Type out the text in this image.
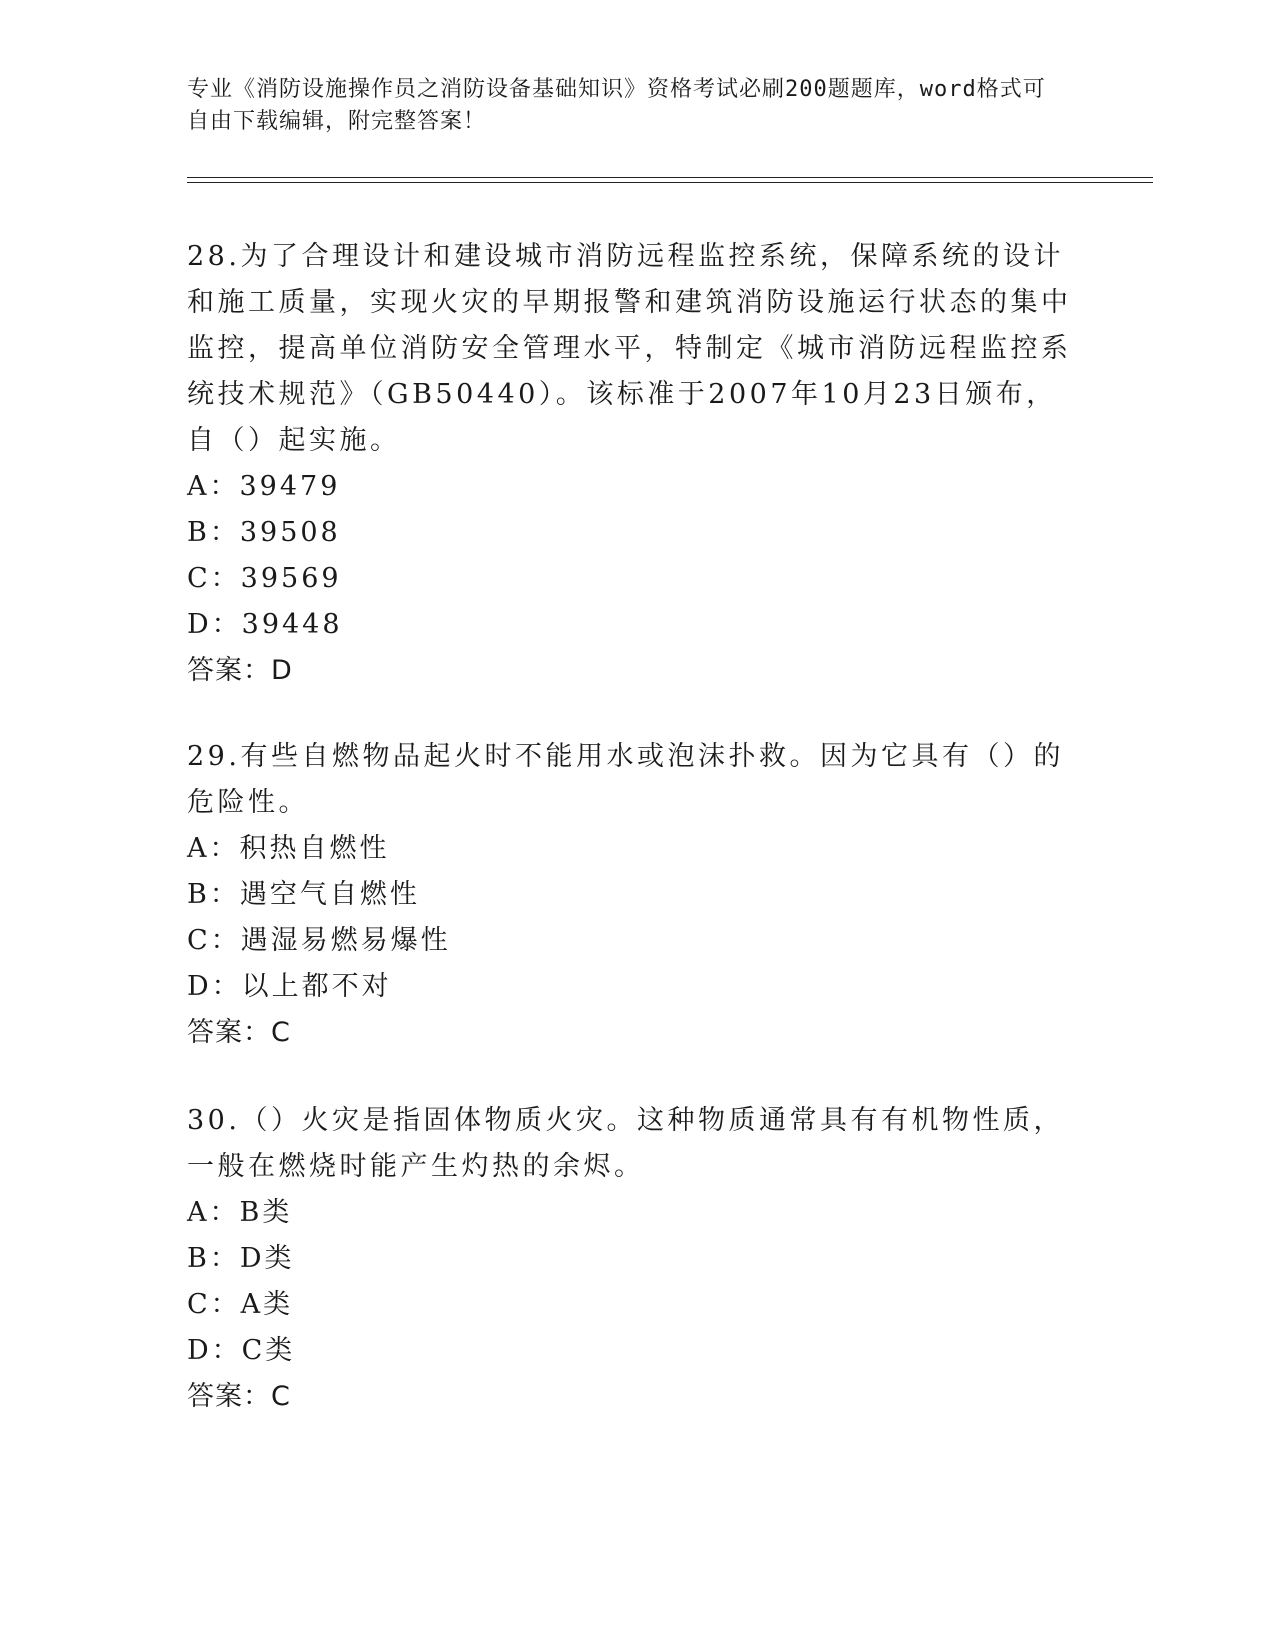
专业《消防设施操作员之消防设备基础知识》资格考试必刷200题题库，word格式可自由下载编辑，附完整答案！
28.为了合理设计和建设城市消防远程监控系统，保障系统的设计和施工质量，实现火灾的早期报警和建筑消防设施运行状态的集中监控，提高单位消防安全管理水平，特制定《城市消防远程监控系统技术规范》（GB50440）。该标准于2007年10月23日颁布，自（）起实施。
A：39479
B：39508
C：39569
D：39448
答案：D
29.有些自燃物品起火时不能用水或泡沫扑救。因为它具有（）的危险性。
A：积热自燃性
B：遇空气自燃性
C：遇湿易燃易爆性
D：以上都不对
答案：C
30.（）火灾是指固体物质火灾。这种物质通常具有有机物性质，一般在燃烧时能产生灼热的余烬。
A：B类
B：D类
C：A类
D：C类
答案：C
